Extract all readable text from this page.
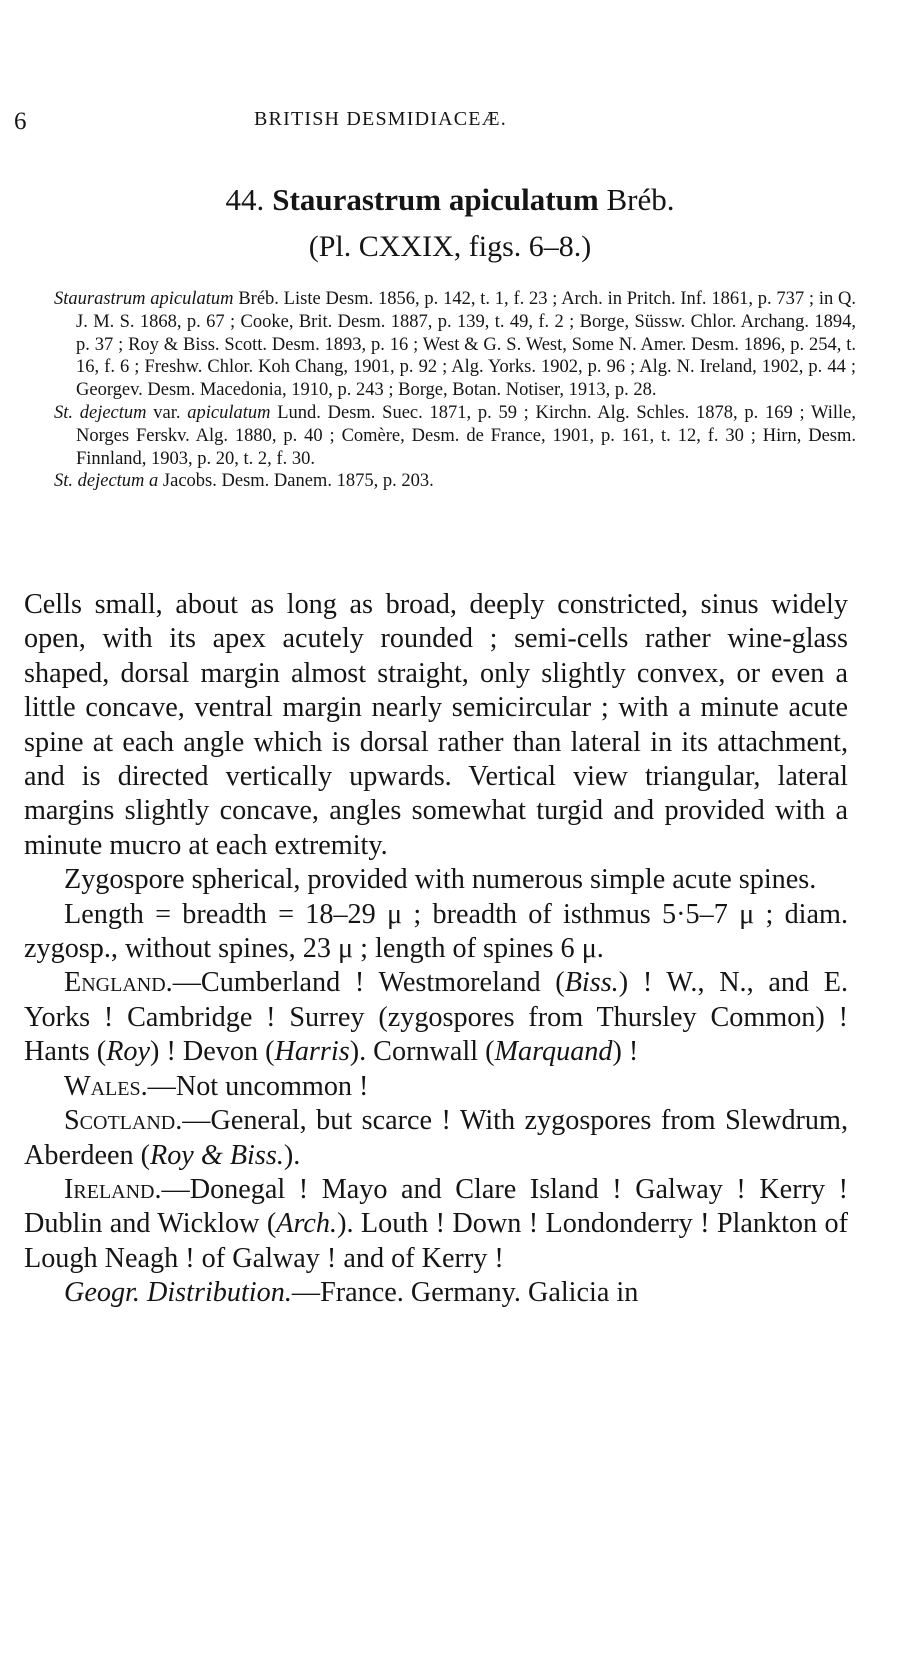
6	BRITISH DESMIDIACEÆ.
44. Staurastrum apiculatum Bréb.
(Pl. CXXIX, figs. 6–8.)

Staurastrum apiculatum Bréb. Liste Desm. 1856, p. 142, t. 1, f. 23 ; Arch. in Pritch. Inf. 1861, p. 737 ; in Q. J. M. S. 1868, p. 67 ; Cooke, Brit. Desm. 1887, p. 139, t. 49, f. 2 ; Borge, Süssw. Chlor. Archang. 1894, p. 37 ; Roy & Biss. Scott. Desm. 1893, p. 16 ; West & G. S. West, Some N. Amer. Desm. 1896, p. 254, t. 16, f. 6 ; Freshw. Chlor. Koh Chang, 1901, p. 92 ; Alg. Yorks. 1902, p. 96 ; Alg. N. Ireland, 1902, p. 44 ; Georgev. Desm. Macedonia, 1910, p. 243 ; Borge, Botan. Notiser, 1913, p. 28.

St. dejectum var. apiculatum Lund. Desm. Suec. 1871, p. 59 ; Kirchn. Alg. Schles. 1878, p. 169 ; Wille, Norges Ferskv. Alg. 1880, p. 40 ; Comère, Desm. de France, 1901, p. 161, t. 12, f. 30 ; Hirn, Desm. Finnland, 1903, p. 20, t. 2, f. 30.

St. dejectum a Jacobs. Desm. Danem. 1875, p. 203.

Cells small, about as long as broad, deeply constricted, sinus widely open, with its apex acutely rounded ; semi-cells rather wine-glass shaped, dorsal margin almost straight, only slightly convex, or even a little concave, ventral margin nearly semicircular ; with a minute acute spine at each angle which is dorsal rather than lateral in its attachment, and is directed vertically upwards. Vertical view triangular, lateral margins slightly concave, angles somewhat turgid and provided with a minute mucro at each extremity.

Zygospore spherical, provided with numerous simple acute spines.

Length = breadth = 18–29 μ ; breadth of isthmus 5·5–7 μ ; diam. zygosp., without spines, 23 μ ; length of spines 6 μ.

England.—Cumberland ! Westmoreland (Biss.) ! W., N., and E. Yorks ! Cambridge ! Surrey (zygospores from Thursley Common) ! Hants (Roy) ! Devon (Harris). Cornwall (Marquand) !

Wales.—Not uncommon !

Scotland.—General, but scarce ! With zygospores from Slewdrum, Aberdeen (Roy & Biss.).

Ireland.—Donegal ! Mayo and Clare Island ! Galway ! Kerry ! Dublin and Wicklow (Arch.). Louth ! Down ! Londonderry ! Plankton of Lough Neagh ! of Galway ! and of Kerry !

Geogr. Distribution.—France. Germany. Galicia in
